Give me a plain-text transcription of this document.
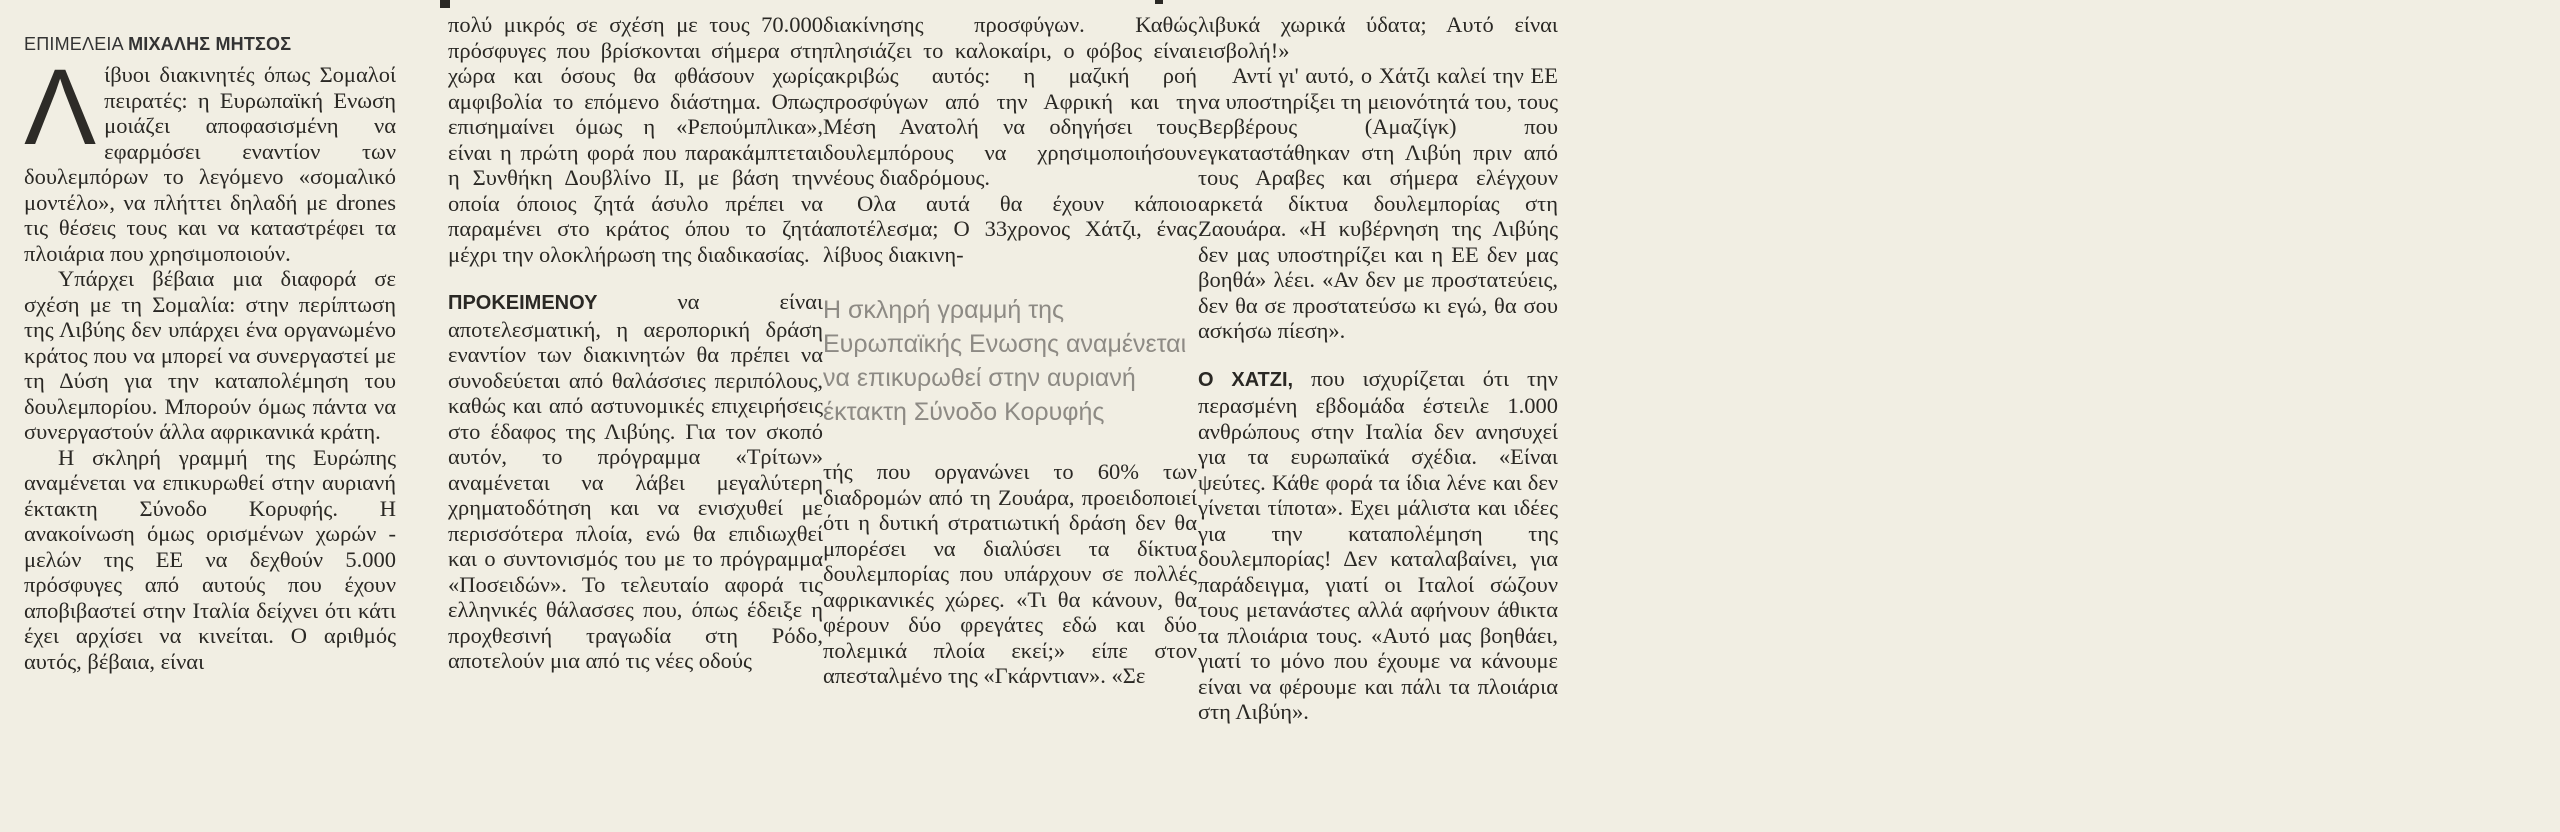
ΕΠΙΜΕΛΕΙΑ ΜΙΧΑΛΗΣ ΜΗΤΣΟΣ

Λίβυοι διακινητές όπως Σομαλοί πειρατές: η Ευρωπαϊκή Ενωση μοιάζει αποφασισμένη να εφαρμόσει εναντίον των δουλεμπόρων το λεγόμενο «σομαλικό μοντέλο», να πλήττει δηλαδή με drones τις θέσεις τους και να καταστρέφει τα πλοιάρια που χρησιμοποιούν.

Υπάρχει βέβαια μια διαφορά σε σχέση με τη Σομαλία: στην περίπτωση της Λιβύης δεν υπάρχει ένα οργανωμένο κράτος που να μπορεί να συνεργαστεί με τη Δύση για την καταπολέμηση του δουλεμπορίου. Μπορούν όμως πάντα να συνεργαστούν άλλα αφρικανικά κράτη.

Η σκληρή γραμμή της Ευρώπης αναμένεται να επικυρωθεί στην αυριανή έκτακτη Σύνοδο Κορυφής. Η ανακοίνωση όμως ορισμένων χωρών - μελών της ΕΕ να δεχθούν 5.000 πρόσφυγες από αυτούς που έχουν αποβιβαστεί στην Ιταλία δείχνει ότι κάτι έχει αρχίσει να κινείται. Ο αριθμός αυτός, βέβαια, είναι

πολύ μικρός σε σχέση με τους 70.000 πρόσφυγες που βρίσκονται σήμερα στη χώρα και όσους θα φθάσουν χωρίς αμφιβολία το επόμενο διάστημα. Οπως επισημαίνει όμως η «Ρεπούμπλικα», είναι η πρώτη φορά που παρακάμπτεται η Συνθήκη Δουβλίνο ΙΙ, με βάση την οποία όποιος ζητά άσυλο πρέπει να παραμένει στο κράτος όπου το ζητά μέχρι την ολοκλήρωση της διαδικασίας.

ΠΡΟΚΕΙΜΕΝΟΥ να είναι αποτελεσματική, η αεροπορική δράση εναντίον των διακινητών θα πρέπει να συνοδεύεται από θαλάσσιες περιπόλους, καθώς και από αστυνομικές επιχειρήσεις στο έδαφος της Λιβύης. Για τον σκοπό αυτόν, το πρόγραμμα «Τρίτων» αναμένεται να λάβει μεγαλύτερη χρηματοδότηση και να ενισχυθεί με περισσότερα πλοία, ενώ θα επιδιωχθεί και ο συντονισμός του με το πρόγραμμα «Ποσειδών». Το τελευταίο αφορά τις ελληνικές θάλασσες που, όπως έδειξε η προχθεσινή τραγωδία στη Ρόδο, αποτελούν μια από τις νέες οδούς

διακίνησης προσφύγων. Καθώς πλησιάζει το καλοκαίρι, ο φόβος είναι ακριβώς αυτός: η μαζική ροή προσφύγων από την Αφρική και τη Μέση Ανατολή να οδηγήσει τους δουλεμπόρους να χρησιμοποιήσουν νέους διαδρόμους.

Ολα αυτά θα έχουν κάποιο αποτέλεσμα; Ο 33χρονος Χάτζι, ένας λίβυος διακινη-

Η σκληρή γραμμή της Ευρωπαϊκής Ενωσης αναμένεται να επικυρωθεί στην αυριανή έκτακτη Σύνοδο Κορυφής

τής που οργανώνει το 60% των διαδρομών από τη Ζουάρα, προειδοποιεί ότι η δυτική στρατιωτική δράση δεν θα μπορέσει να διαλύσει τα δίκτυα δουλεμπορίας που υπάρχουν σε πολλές αφρικανικές χώρες. «Τι θα κάνουν, θα φέρουν δύο φρεγάτες εδώ και δύο πολεμικά πλοία εκεί;» είπε στον απεσταλμένο της «Γκάρντιαν». «Σε

λιβυκά χωρικά ύδατα; Αυτό είναι εισβολή!»

Αντί γι' αυτό, ο Χάτζι καλεί την ΕΕ να υποστηρίξει τη μειονότητά του, τους Βερβέρους (Αμαζίγκ) που εγκαταστάθηκαν στη Λιβύη πριν από τους Αραβες και σήμερα ελέγχουν αρκετά δίκτυα δουλεμπορίας στη Ζαουάρα. «Η κυβέρνηση της Λιβύης δεν μας υποστηρίζει και η ΕΕ δεν μας βοηθά» λέει. «Αν δεν με προστατεύεις, δεν θα σε προστατεύσω κι εγώ, θα σου ασκήσω πίεση».

Ο ΧΑΤΖΙ, που ισχυρίζεται ότι την περασμένη εβδομάδα έστειλε 1.000 ανθρώπους στην Ιταλία δεν ανησυχεί για τα ευρωπαϊκά σχέδια. «Είναι ψεύτες. Κάθε φορά τα ίδια λένε και δεν γίνεται τίποτα». Εχει μάλιστα και ιδέες για την καταπολέμηση της δουλεμπορίας! Δεν καταλαβαίνει, για παράδειγμα, γιατί οι Ιταλοί σώζουν τους μετανάστες αλλά αφήνουν άθικτα τα πλοιάρια τους. «Αυτό μας βοηθάει, γιατί το μόνο που έχουμε να κάνουμε είναι να φέρουμε και πάλι τα πλοιάρια στη Λιβύη».
